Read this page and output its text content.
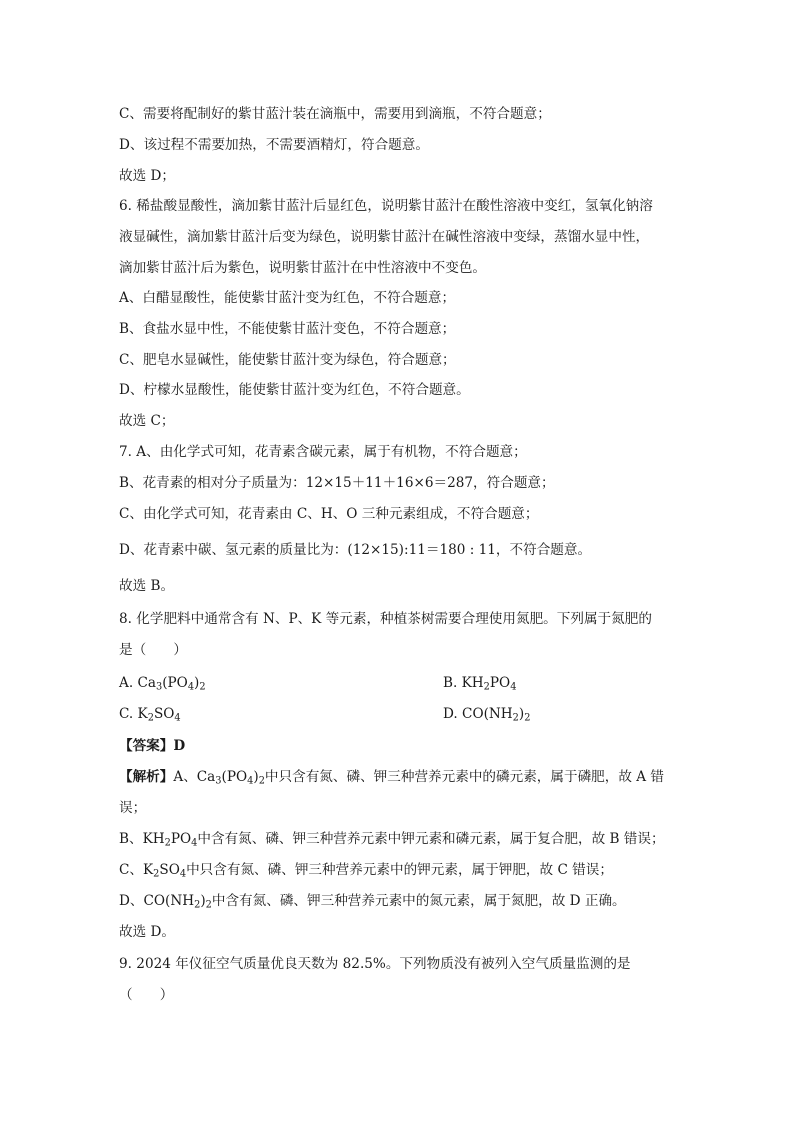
C、需要将配制好的紫甘蓝汁装在滴瓶中，需要用到滴瓶，不符合题意；
D、该过程不需要加热，不需要酒精灯，符合题意。
故选 D；
6. 稀盐酸显酸性，滴加紫甘蓝汁后显红色，说明紫甘蓝汁在酸性溶液中变红，氢氧化钠溶
液显碱性，滴加紫甘蓝汁后变为绿色，说明紫甘蓝汁在碱性溶液中变绿，蒸馏水显中性，
滴加紫甘蓝汁后为紫色，说明紫甘蓝汁在中性溶液中不变色。
A、白醋显酸性，能使紫甘蓝汁变为红色，不符合题意；
B、食盐水显中性，不能使紫甘蓝汁变色，不符合题意；
C、肥皂水显碱性，能使紫甘蓝汁变为绿色，符合题意；
D、柠檬水显酸性，能使紫甘蓝汁变为红色，不符合题意。
故选 C；
7. A、由化学式可知，花青素含碳元素，属于有机物，不符合题意；
B、花青素的相对分子质量为：12×15＋11＋16×6＝287，符合题意；
C、由化学式可知，花青素由 C、H、O 三种元素组成，不符合题意；
D、花青素中碳、氢元素的质量比为：(12×15):11＝180 : 11，不符合题意。
故选 B。
8. 化学肥料中通常含有 N、P、K 等元素，种植茶树需要合理使用氮肥。下列属于氮肥的
是（　　）
A. $Ca_3(PO_4)_2$	B. $KH_2PO_4$
C. $K_2SO_4$	D. $CO(NH_2)_2$
【答案】D
【解析】A、$Ca_3(PO_4)_2$中只含有氮、磷、钾三种营养元素中的磷元素，属于磷肥，故 A 错
误；
B、$KH_2PO_4$中含有氮、磷、钾三种营养元素中钾元素和磷元素，属于复合肥，故 B 错误；
C、$K_2SO_4$中只含有氮、磷、钾三种营养元素中的钾元素，属于钾肥，故 C 错误；
D、$CO(NH_2)_2$中含有氮、磷、钾三种营养元素中的氮元素，属于氮肥，故 D 正确。
故选 D。
9. 2024 年仪征空气质量优良天数为 82.5%。下列物质没有被列入空气质量监测的是
（　　）
